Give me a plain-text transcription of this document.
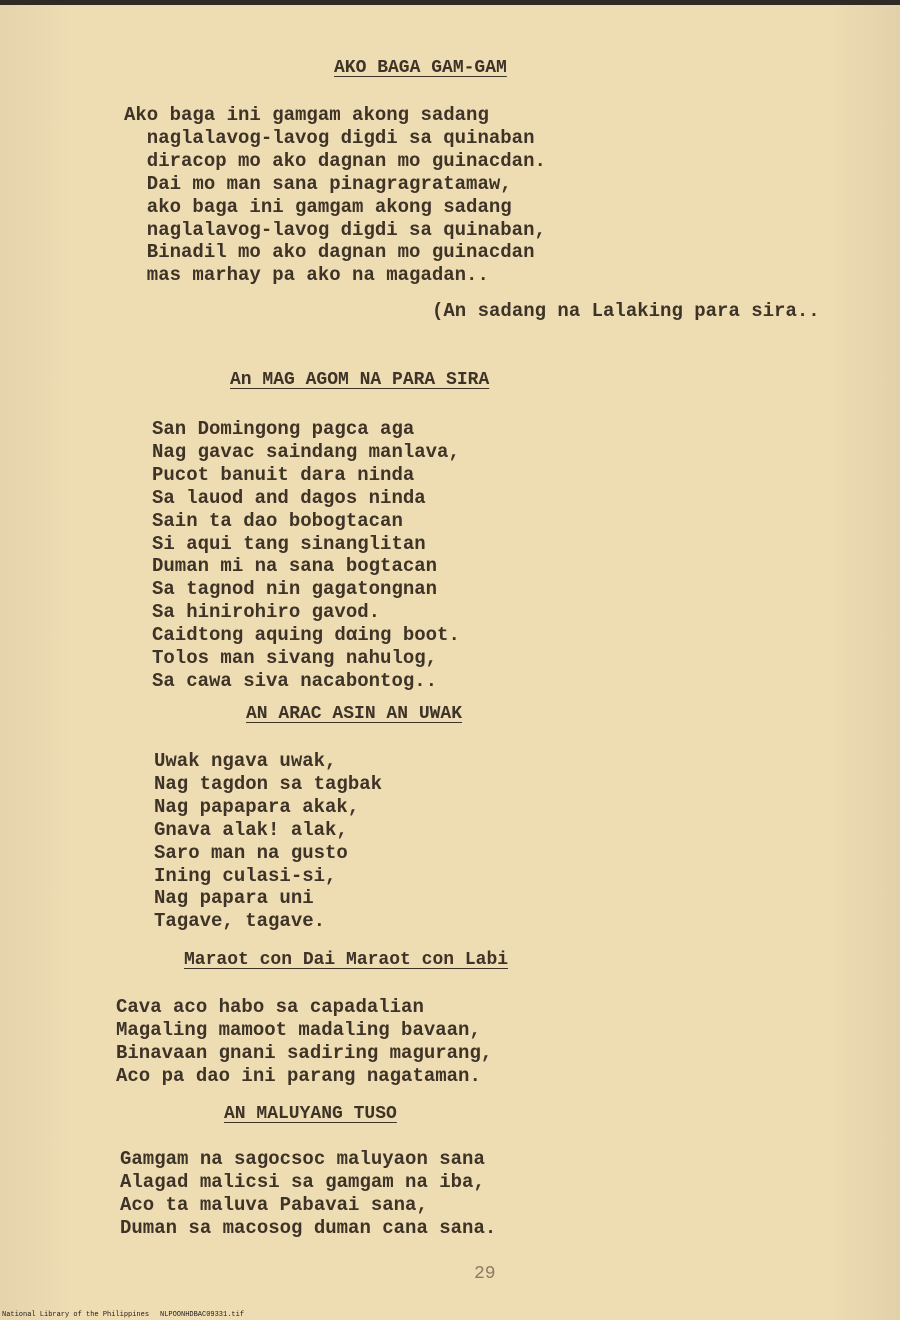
AKO BAGA GAM-GAM
Ako baga ini gamgam akong sadang
naglalavog-lavog digdi sa quinaban
diracop mo ako dagnan mo guinacdan.
Dai mo man sana pinagragratamaw,
ako baga ini gamgam akong sadang
naglalavog-lavog digdi sa quinaban,
Binadil mo ako dagnan mo guinacdan
mas marhay pa ako na magadan..
(An sadang na Lalaking para sira..
An MAG AGOM NA PARA SIRA
San Domingong pagca aga
Nag gavac saindang manlava,
Pucot banuit dara ninda
Sa lauod and dagos ninda
Sain ta dao bobogtacan
Si aqui tang sinanglitan
Duman mi na sana bogtacan
Sa tagnod nin gagatongnan
Sa hinirohiro gavod.
Caidtong aquing dαing boot.
Tolos man sivang nahulog,
Sa cawa siva nacabontog..
AN ARAC ASIN AN UWAK
Uwak ngava uwak,
Nag tagdon sa tagbak
Nag papapara akak,
Gnava alak! alak,
Saro man na gusto
Ining culasi-si,
Nag papara uni
Tagave, tagave.
Maraot con Dai Maraot con Labi
Cava aco habo sa capadalian
Magaling mamoot madaling bavaan,
Binavaan gnani sadiring magurang,
Aco pa dao ini parang nagataman.
AN MALUYANG TUSO
Gamgam na sagocsoc maluyaon sana
Alagad malicsi sa gamgam na iba,
Aco ta maluva Pabavai sana,
Duman sa macosog duman cana sana.
29
National Library of the Philippines NLPOONHDBAC09331.tif
